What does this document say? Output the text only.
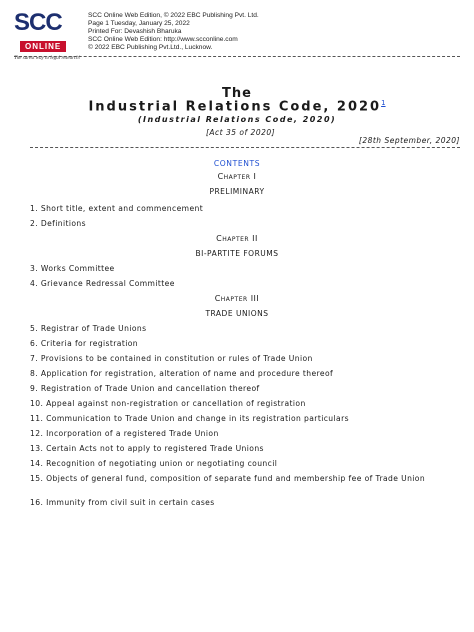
SCC
ONLINE
The surest way to legal research!
SCC Online Web Edition, © 2022 EBC Publishing Pvt. Ltd.
Page 1 Tuesday, January 25, 2022
Printed For: Devashish Bharuka
SCC Online Web Edition: http://www.scconline.com
© 2022 EBC Publishing Pvt.Ltd., Lucknow.
The
Industrial Relations Code, 2020$^1$
(Industrial Relations Code, 2020)
[Act 35 of 2020]
[28th September, 2020]
CONTENTS
Chapter I
PRELIMINARY
1. Short title, extent and commencement
2. Definitions
Chapter II
BI-PARTITE FORUMS
3. Works Committee
4. Grievance Redressal Committee
Chapter III
TRADE UNIONS
5. Registrar of Trade Unions
6. Criteria for registration
7. Provisions to be contained in constitution or rules of Trade Union
8. Application for registration, alteration of name and procedure thereof
9. Registration of Trade Union and cancellation thereof
10. Appeal against non-registration or cancellation of registration
11. Communication to Trade Union and change in its registration particulars
12. Incorporation of a registered Trade Union
13. Certain Acts not to apply to registered Trade Unions
14. Recognition of negotiating union or negotiating council
15. Objects of general fund, composition of separate fund and membership fee of Trade Union
16. Immunity from civil suit in certain cases
